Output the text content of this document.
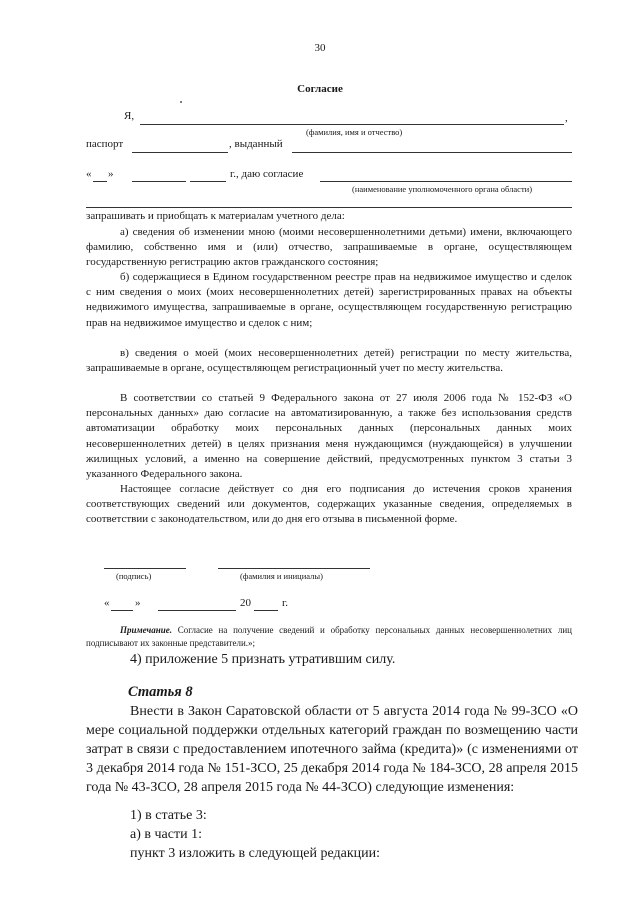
30
Согласие
Я,	,
(фамилия, имя и отчество)
паспорт	, выданный
« »	г., даю согласие
(наименование уполномоченного органа области)
запрашивать и приобщать к материалам учетного дела:
а) сведения об изменении мною (моими несовершеннолетними детьми) имени, включающего фамилию, собственно имя и (или) отчество, запрашиваемые в органе, осуществляющем государственную регистрацию актов гражданского состояния;
б) содержащиеся в Едином государственном реестре прав на недвижимое имущество и сделок с ним сведения о моих (моих несовершеннолетних детей) зарегистрированных правах на объекты недвижимого имущества, запрашиваемые в органе, осуществляющем государственную регистрацию прав на недвижимое имущество и сделок с ним;
в) сведения о моей (моих несовершеннолетних детей) регистрации по месту жительства, запрашиваемые в органе, осуществляющем регистрационный учет по месту жительства.
В соответствии со статьей 9 Федерального закона от 27 июля 2006 года № 152-ФЗ «О персональных данных» даю согласие на автоматизированную, а также без использования средств автоматизации обработку моих персональных данных (персональных данных моих несовершеннолетних детей) в целях признания меня нуждающимся (нуждающейся) в улучшении жилищных условий, а именно на совершение действий, предусмотренных пунктом 3 статьи 3 указанного Федерального закона.
Настоящее согласие действует со дня его подписания до истечения сроков хранения соответствующих сведений или документов, содержащих указанные сведения, определяемых в соответствии с законодательством, или до дня его отзыва в письменной форме.
(подпись)	(фамилия и инициалы)
« »	20	г.
Примечание. Согласие на получение сведений и обработку персональных данных несовершеннолетних лиц подписывают их законные представители.»;
4) приложение 5 признать утратившим силу.
Статья 8
Внести в Закон Саратовской области от 5 августа 2014 года № 99-ЗСО «О мере социальной поддержки отдельных категорий граждан по возмещению части затрат в связи с предоставлением ипотечного займа (кредита)» (с изменениями от 3 декабря 2014 года № 151-ЗСО, 25 декабря 2014 года № 184-ЗСО, 28 апреля 2015 года № 43-ЗСО, 28 апреля 2015 года № 44-ЗСО) следующие изменения:
1) в статье 3:
а) в части 1:
пункт 3 изложить в следующей редакции:
